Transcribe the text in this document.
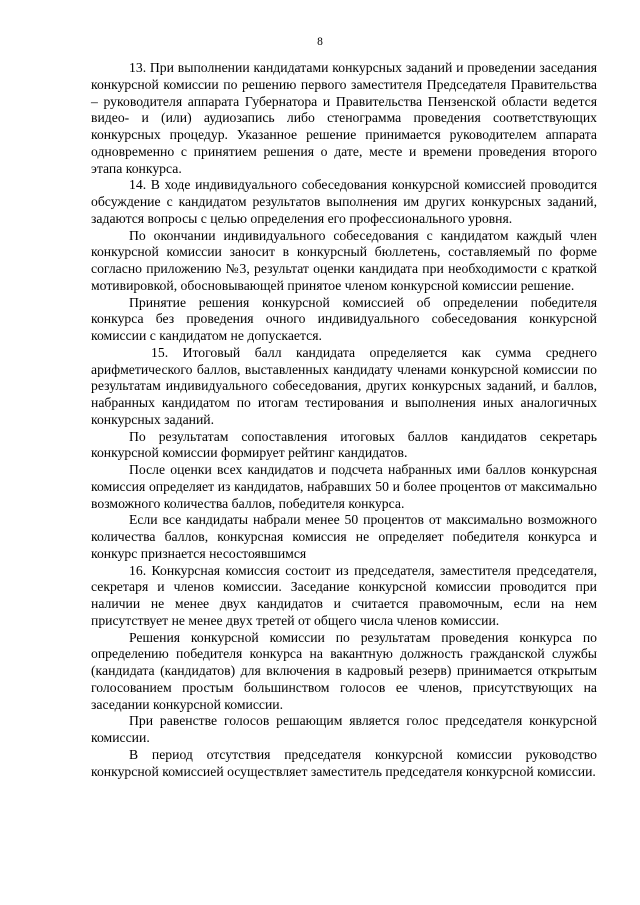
8

13. При выполнении кандидатами конкурсных заданий и проведении заседания конкурсной комиссии по решению первого заместителя Председателя Правительства – руководителя аппарата Губернатора и Правительства Пензенской области ведется видео- и (или) аудиозапись либо стенограмма проведения соответствующих конкурсных процедур. Указанное решение принимается руководителем аппарата одновременно с принятием решения о дате, месте и времени проведения второго этапа конкурса.

14. В ходе индивидуального собеседования конкурсной комиссией проводится обсуждение с кандидатом результатов выполнения им других конкурсных заданий, задаются вопросы с целью определения его профессионального уровня.

По окончании индивидуального собеседования с кандидатом каждый член конкурсной комиссии заносит в конкурсный бюллетень, составляемый по форме согласно приложению №3, результат оценки кандидата при необходимости с краткой мотивировкой, обосновывающей принятое членом конкурсной комиссии решение.

Принятие решения конкурсной комиссией об определении победителя конкурса без проведения очного индивидуального собеседования конкурсной комиссии с кандидатом не допускается.

15. Итоговый балл кандидата определяется как сумма среднего арифметического баллов, выставленных кандидату членами конкурсной комиссии по результатам индивидуального собеседования, других конкурсных заданий, и баллов, набранных кандидатом по итогам тестирования и выполнения иных аналогичных конкурсных заданий.

По результатам сопоставления итоговых баллов кандидатов секретарь конкурсной комиссии формирует рейтинг кандидатов.

После оценки всех кандидатов и подсчета набранных ими баллов конкурсная комиссия определяет из кандидатов, набравших 50 и более процентов от максимально возможного количества баллов, победителя конкурса.

Если все кандидаты набрали менее 50 процентов от максимально возможного количества баллов, конкурсная комиссия не определяет победителя конкурса и конкурс признается несостоявшимся

16. Конкурсная комиссия состоит из председателя, заместителя председателя, секретаря и членов комиссии. Заседание конкурсной комиссии проводится при наличии не менее двух кандидатов и считается правомочным, если на нем присутствует не менее двух третей от общего числа членов комиссии.

Решения конкурсной комиссии по результатам проведения конкурса по определению победителя конкурса на вакантную должность гражданской службы (кандидата (кандидатов) для включения в кадровый резерв) принимается открытым голосованием простым большинством голосов ее членов, присутствующих на заседании конкурсной комиссии.

При равенстве голосов решающим является голос председателя конкурсной комиссии.

В период отсутствия председателя конкурсной комиссии руководство конкурсной комиссией осуществляет заместитель председателя конкурсной комиссии.
